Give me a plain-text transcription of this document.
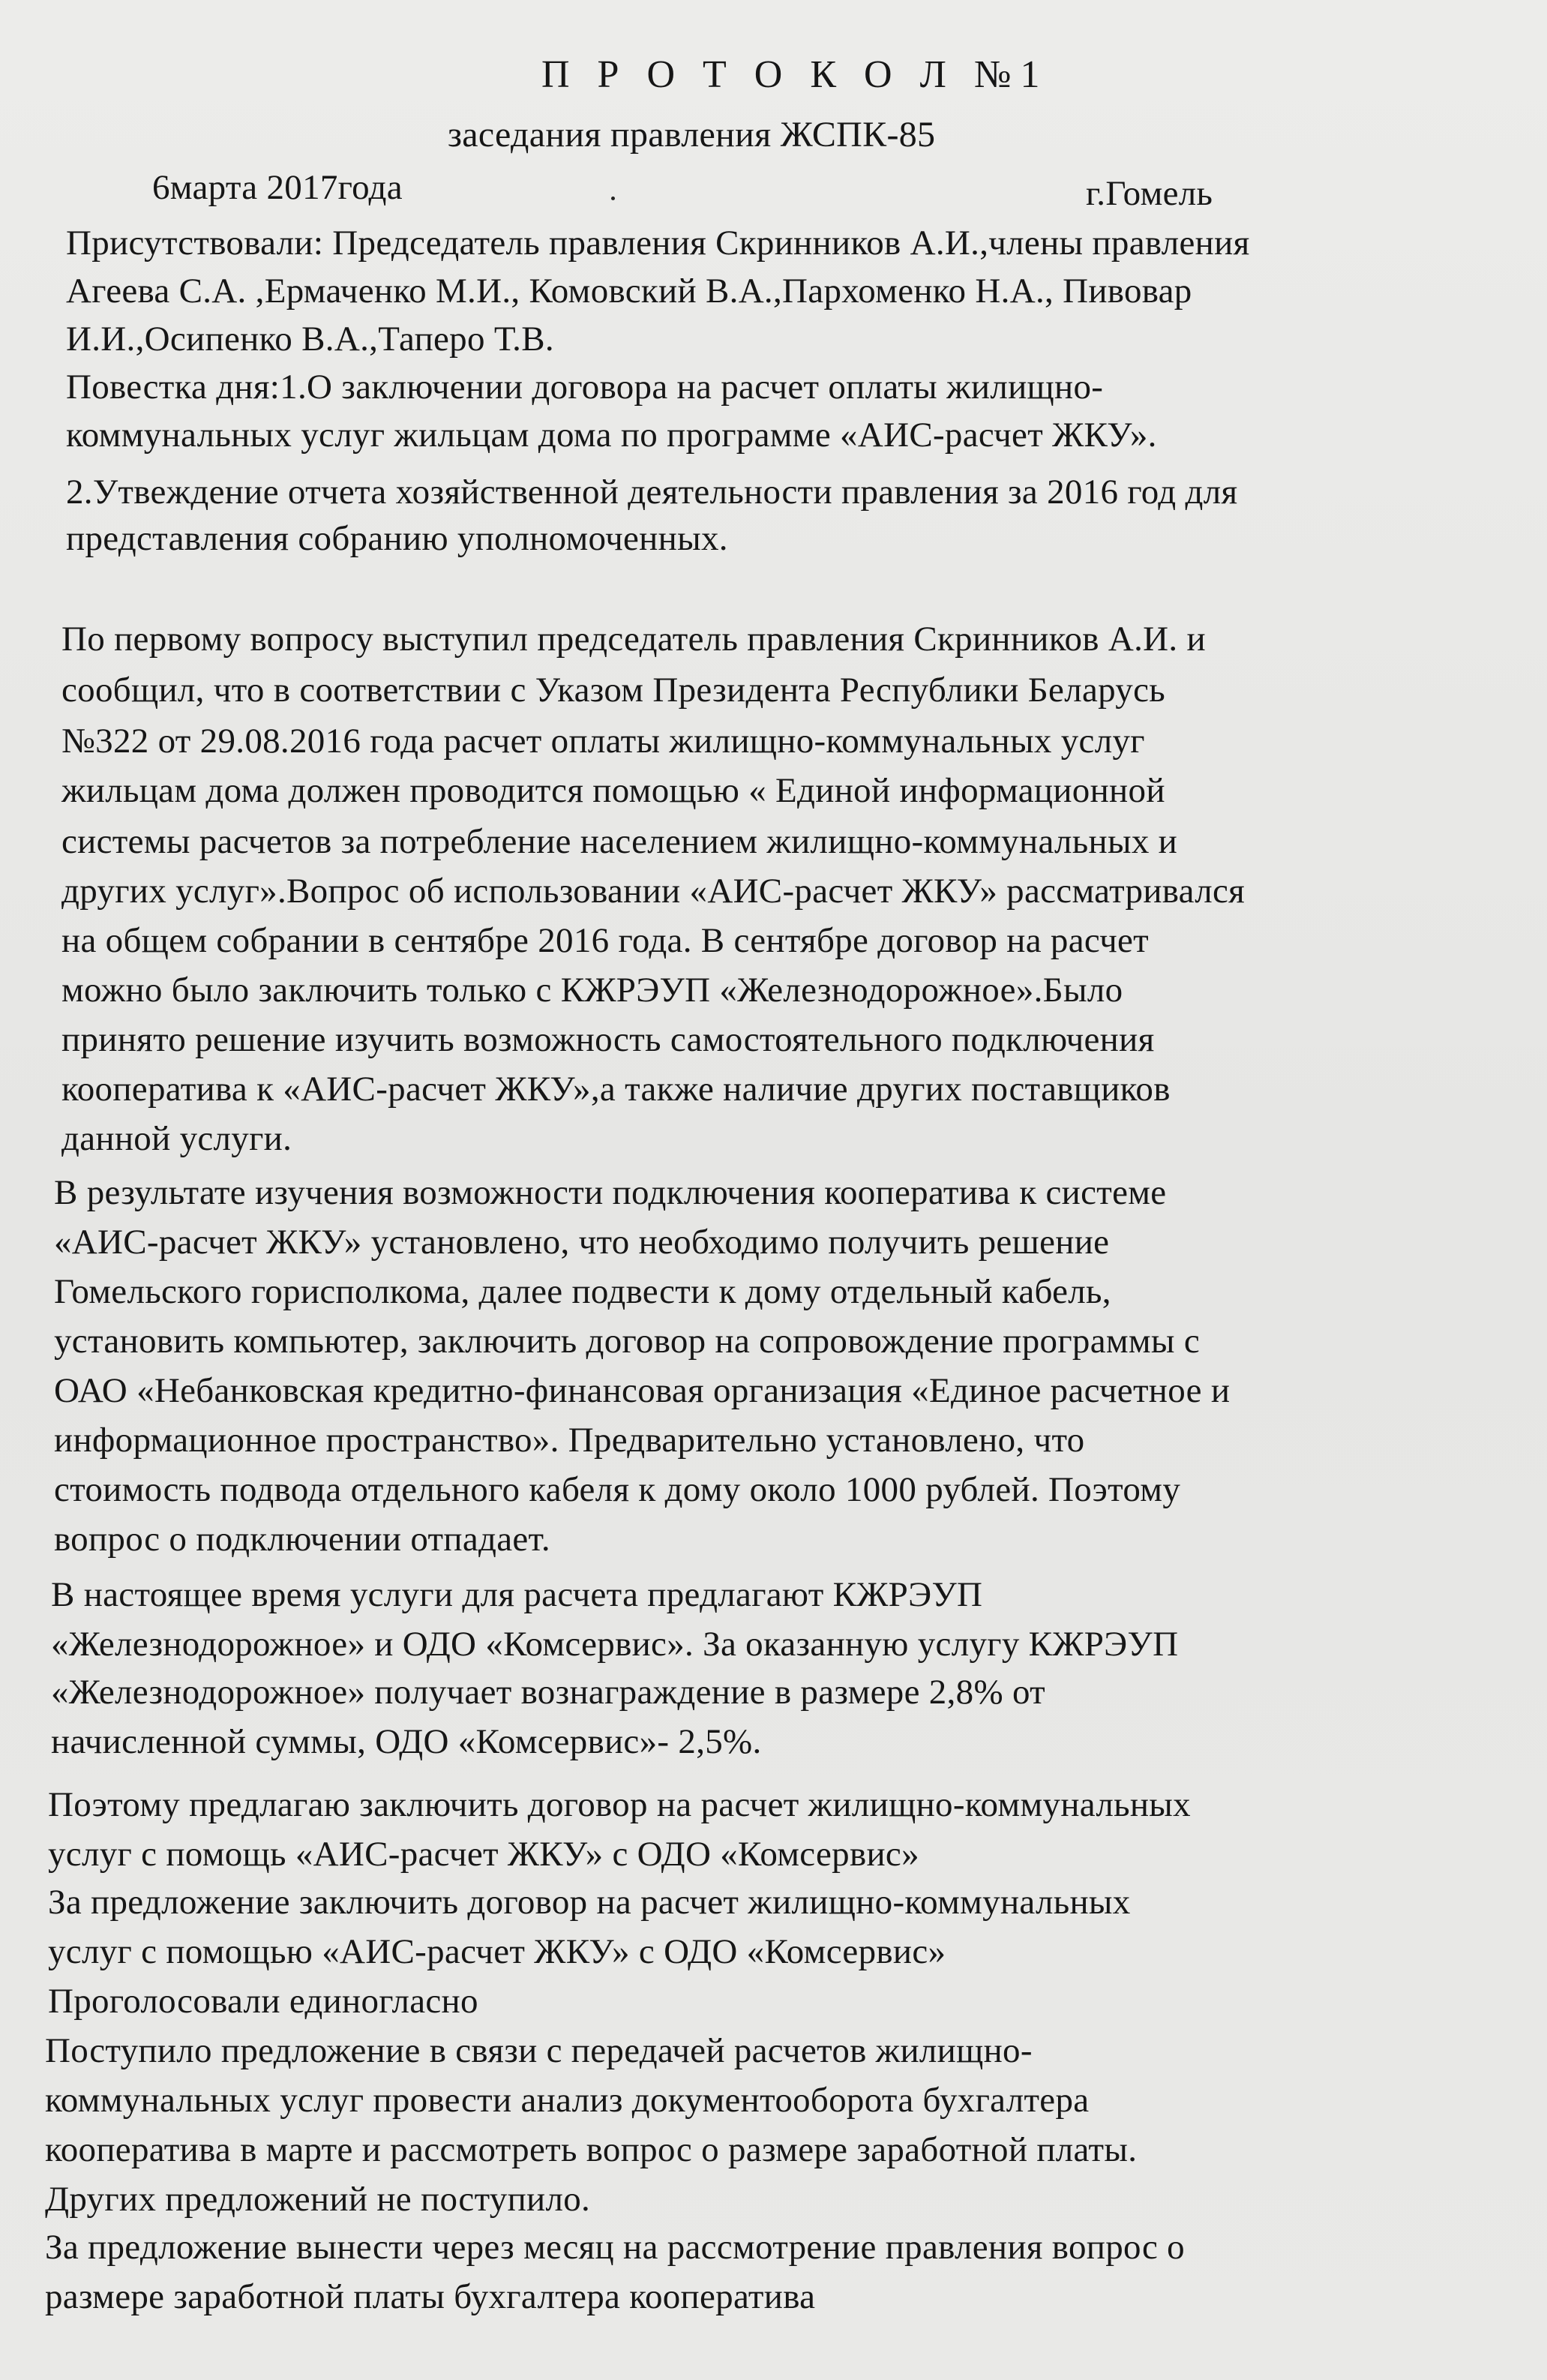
П Р О Т О К О Л №1
заседания правления ЖСПК-85
6марта 2017года	г.Гомель
Присутствовали: Председатель правления Скринников А.И.,члены правления
Агеева С.А. ,Ермаченко М.И., Комовский В.А.,Пархоменко Н.А., Пивовар
И.И.,Осипенко В.А.,Таперо Т.В.
Повестка дня:1.О заключении договора на расчет оплаты жилищно-
коммунальных услуг жильцам дома по программе «АИС-расчет ЖКУ».
2.Утвеждение отчета хозяйственной деятельности правления за 2016 год для
представления собранию уполномоченных.
По первому вопросу выступил председатель правления Скринников А.И. и
сообщил, что в соответствии с Указом Президента Республики Беларусь
№322 от 29.08.2016 года расчет оплаты жилищно-коммунальных услуг
жильцам дома должен проводится помощью « Единой информационной
системы расчетов за потребление населением жилищно-коммунальных и
других услуг».Вопрос об использовании «АИС-расчет ЖКУ» рассматривался
на общем собрании в сентябре 2016 года. В сентябре договор на расчет
можно было заключить только с КЖРЭУП «Железнодорожное».Было
принято решение изучить возможность самостоятельного подключения
кооператива к «АИС-расчет ЖКУ»,а также наличие других поставщиков
данной услуги.
В результате изучения возможности подключения кооператива к системе
«АИС-расчет ЖКУ» установлено, что необходимо получить решение
Гомельского горисполкома, далее подвести к дому отдельный кабель,
установить компьютер, заключить договор на сопровождение программы с
ОАО «Небанковская кредитно-финансовая организация «Единое расчетное и
информационное пространство». Предварительно установлено, что
стоимость подвода отдельного кабеля к дому около 1000 рублей. Поэтому
вопрос о подключении отпадает.
В настоящее время услуги для расчета предлагают КЖРЭУП
«Железнодорожное» и ОДО «Комсервис». За оказанную услугу КЖРЭУП
«Железнодорожное» получает вознаграждение в размере 2,8% от
начисленной суммы, ОДО «Комсервис»- 2,5%.
Поэтому предлагаю заключить договор на расчет жилищно-коммунальных
услуг с помощь «АИС-расчет ЖКУ» с ОДО «Комсервис»
За предложение заключить договор на расчет жилищно-коммунальных
услуг с помощью «АИС-расчет ЖКУ» с ОДО «Комсервис»
Проголосовали единогласно
Поступило предложение в связи с передачей расчетов жилищно-
коммунальных услуг провести анализ документооборота бухгалтера
кооператива в марте и рассмотреть вопрос о размере заработной платы.
Других предложений не поступило.
За предложение вынести через месяц на рассмотрение правления вопрос о
размере заработной платы бухгалтера кооператива
